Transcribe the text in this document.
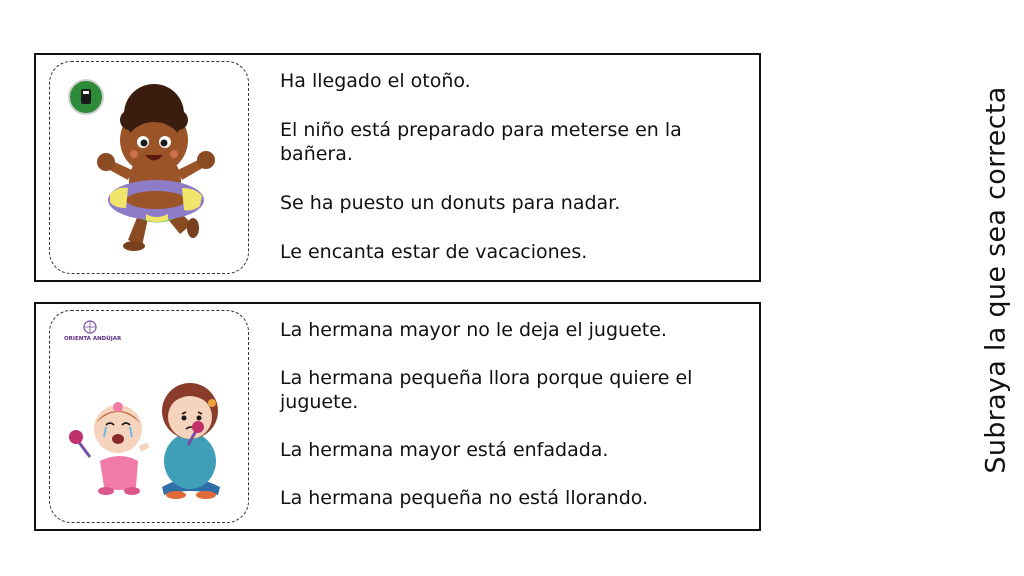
Ha llegado el otoño.
El niño está preparado para meterse en la bañera.
Se ha puesto un donuts para nadar.
Le encanta estar de vacaciones.
ORIENTA ANDÚJAR	La hermana mayor no le deja el juguete.
La hermana pequeña llora porque quiere el juguete.
La hermana mayor está enfadada.
La hermana pequeña no está llorando.
Subraya la que sea correcta
